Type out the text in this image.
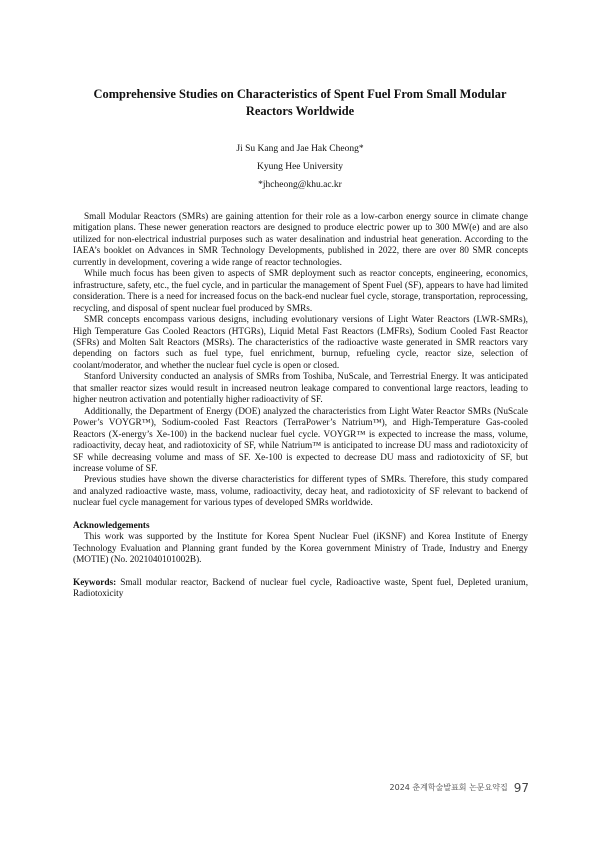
Comprehensive Studies on Characteristics of Spent Fuel From Small Modular Reactors Worldwide
Ji Su Kang and Jae Hak Cheong*
Kyung Hee University
*jhcheong@khu.ac.kr

Small Modular Reactors (SMRs) are gaining attention for their role as a low-carbon energy source in climate change mitigation plans. These newer generation reactors are designed to produce electric power up to 300 MW(e) and are also utilized for non-electrical industrial purposes such as water desalination and industrial heat generation. According to the IAEA’s booklet on Advances in SMR Technology Developments, published in 2022, there are over 80 SMR concepts currently in development, covering a wide range of reactor technologies.

While much focus has been given to aspects of SMR deployment such as reactor concepts, engineering, economics, infrastructure, safety, etc., the fuel cycle, and in particular the management of Spent Fuel (SF), appears to have had limited consideration. There is a need for increased focus on the back-end nuclear fuel cycle, storage, transportation, reprocessing, recycling, and disposal of spent nuclear fuel produced by SMRs.

SMR concepts encompass various designs, including evolutionary versions of Light Water Reactors (LWR-SMRs), High Temperature Gas Cooled Reactors (HTGRs), Liquid Metal Fast Reactors (LMFRs), Sodium Cooled Fast Reactor (SFRs) and Molten Salt Reactors (MSRs). The characteristics of the radioactive waste generated in SMR reactors vary depending on factors such as fuel type, fuel enrichment, burnup, refueling cycle, reactor size, selection of coolant/moderator, and whether the nuclear fuel cycle is open or closed.

Stanford University conducted an analysis of SMRs from Toshiba, NuScale, and Terrestrial Energy. It was anticipated that smaller reactor sizes would result in increased neutron leakage compared to conventional large reactors, leading to higher neutron activation and potentially higher radioactivity of SF.

Additionally, the Department of Energy (DOE) analyzed the characteristics from Light Water Reactor SMRs (NuScale Power’s VOYGR™), Sodium-cooled Fast Reactors (TerraPower’s Natrium™), and High-Temperature Gas-cooled Reactors (X-energy’s Xe-100) in the backend nuclear fuel cycle. VOYGR™ is expected to increase the mass, volume, radioactivity, decay heat, and radiotoxicity of SF, while Natrium™ is anticipated to increase DU mass and radiotoxicity of SF while decreasing volume and mass of SF. Xe-100 is expected to decrease DU mass and radiotoxicity of SF, but increase volume of SF.

Previous studies have shown the diverse characteristics for different types of SMRs. Therefore, this study compared and analyzed radioactive waste, mass, volume, radioactivity, decay heat, and radiotoxicity of SF relevant to backend of nuclear fuel cycle management for various types of developed SMRs worldwide.

Acknowledgements

This work was supported by the Institute for Korea Spent Nuclear Fuel (iKSNF) and Korea Institute of Energy Technology Evaluation and Planning grant funded by the Korea government Ministry of Trade, Industry and Energy (MOTIE) (No. 2021040101002B).

Keywords: Small modular reactor, Backend of nuclear fuel cycle, Radioactive waste, Spent fuel, Depleted uranium, Radiotoxicity

2024 춘계학술발표회 논문요약집 97
